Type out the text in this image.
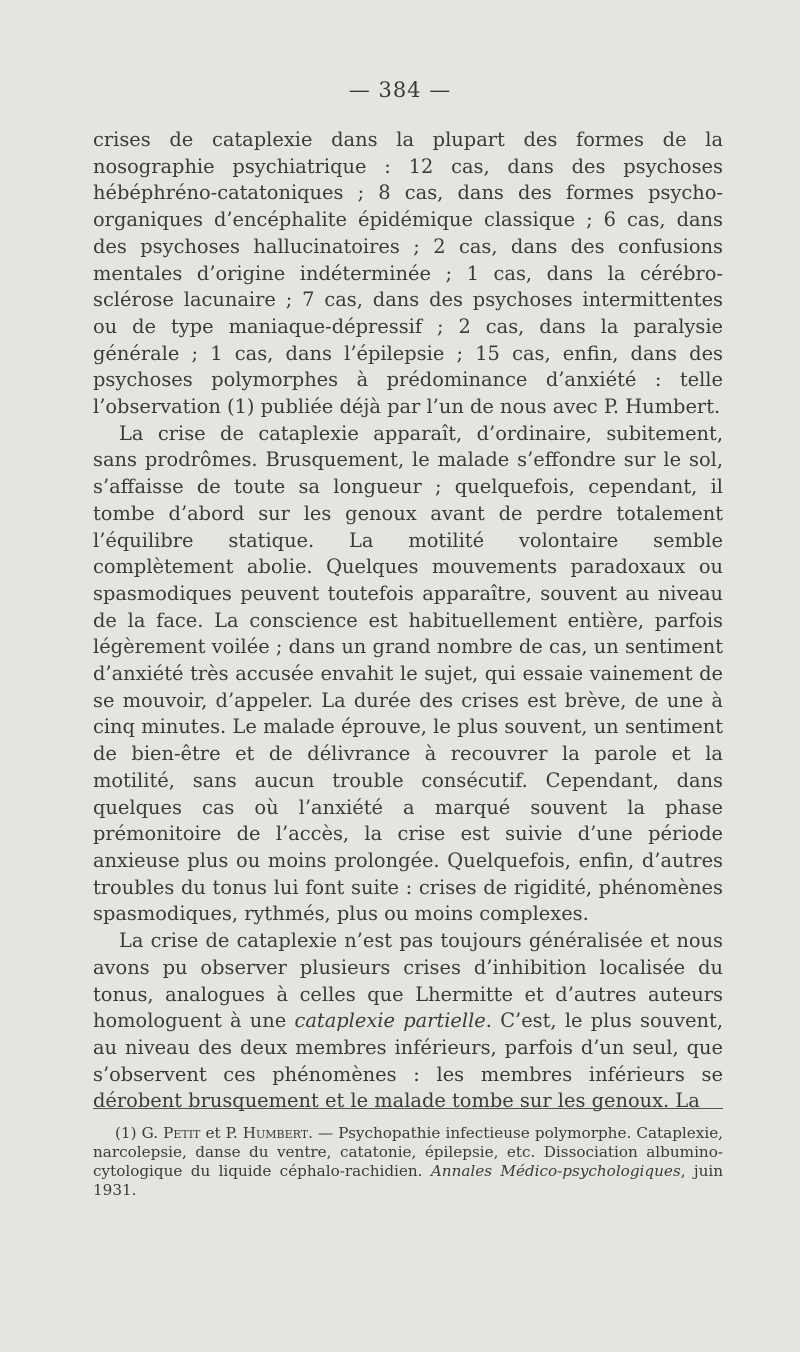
— 384 —

crises de cataplexie dans la plupart des formes de la nosographie psychiatrique : 12 cas, dans des psychoses hébéphréno-catatoniques ; 8 cas, dans des formes psycho-organiques d’encéphalite épidémique classique ; 6 cas, dans des psychoses hallucinatoires ; 2 cas, dans des confusions mentales d’origine indéterminée ; 1 cas, dans la cérébro-sclérose lacunaire ; 7 cas, dans des psychoses intermittentes ou de type maniaque-dépressif ; 2 cas, dans la paralysie générale ; 1 cas, dans l’épilepsie ; 15 cas, enfin, dans des psychoses polymorphes à prédominance d’anxiété : telle l’observation (1) publiée déjà par l’un de nous avec P. Humbert.

La crise de cataplexie apparaît, d’ordinaire, subitement, sans prodrômes. Brusquement, le malade s’effondre sur le sol, s’affaisse de toute sa longueur ; quelquefois, cependant, il tombe d’abord sur les genoux avant de perdre totalement l’équilibre statique. La motilité volontaire semble complètement abolie. Quelques mouvements paradoxaux ou spasmodiques peuvent toutefois apparaître, souvent au niveau de la face. La conscience est habituellement entière, parfois légèrement voilée ; dans un grand nombre de cas, un sentiment d’anxiété très accusée envahit le sujet, qui essaie vainement de se mouvoir, d’appeler. La durée des crises est brève, de une à cinq minutes. Le malade éprouve, le plus souvent, un sentiment de bien-être et de délivrance à recouvrer la parole et la motilité, sans aucun trouble consécutif. Cependant, dans quelques cas où l’anxiété a marqué souvent la phase prémonitoire de l’accès, la crise est suivie d’une période anxieuse plus ou moins prolongée. Quelquefois, enfin, d’autres troubles du tonus lui font suite : crises de rigidité, phénomènes spasmodiques, rythmés, plus ou moins complexes.

La crise de cataplexie n’est pas toujours généralisée et nous avons pu observer plusieurs crises d’inhibition localisée du tonus, analogues à celles que Lhermitte et d’autres auteurs homologuent à une cataplexie partielle. C’est, le plus souvent, au niveau des deux membres inférieurs, parfois d’un seul, que s’observent ces phénomènes : les membres inférieurs se dérobent brusquement et le malade tombe sur les genoux. La

(1) G. Petit et P. Humbert. — Psychopathie infectieuse polymorphe. Cataplexie, narcolepsie, danse du ventre, catatonie, épilepsie, etc. Dissociation albumino-cytologique du liquide céphalo-rachidien. Annales Médico-psychologiques, juin 1931.
